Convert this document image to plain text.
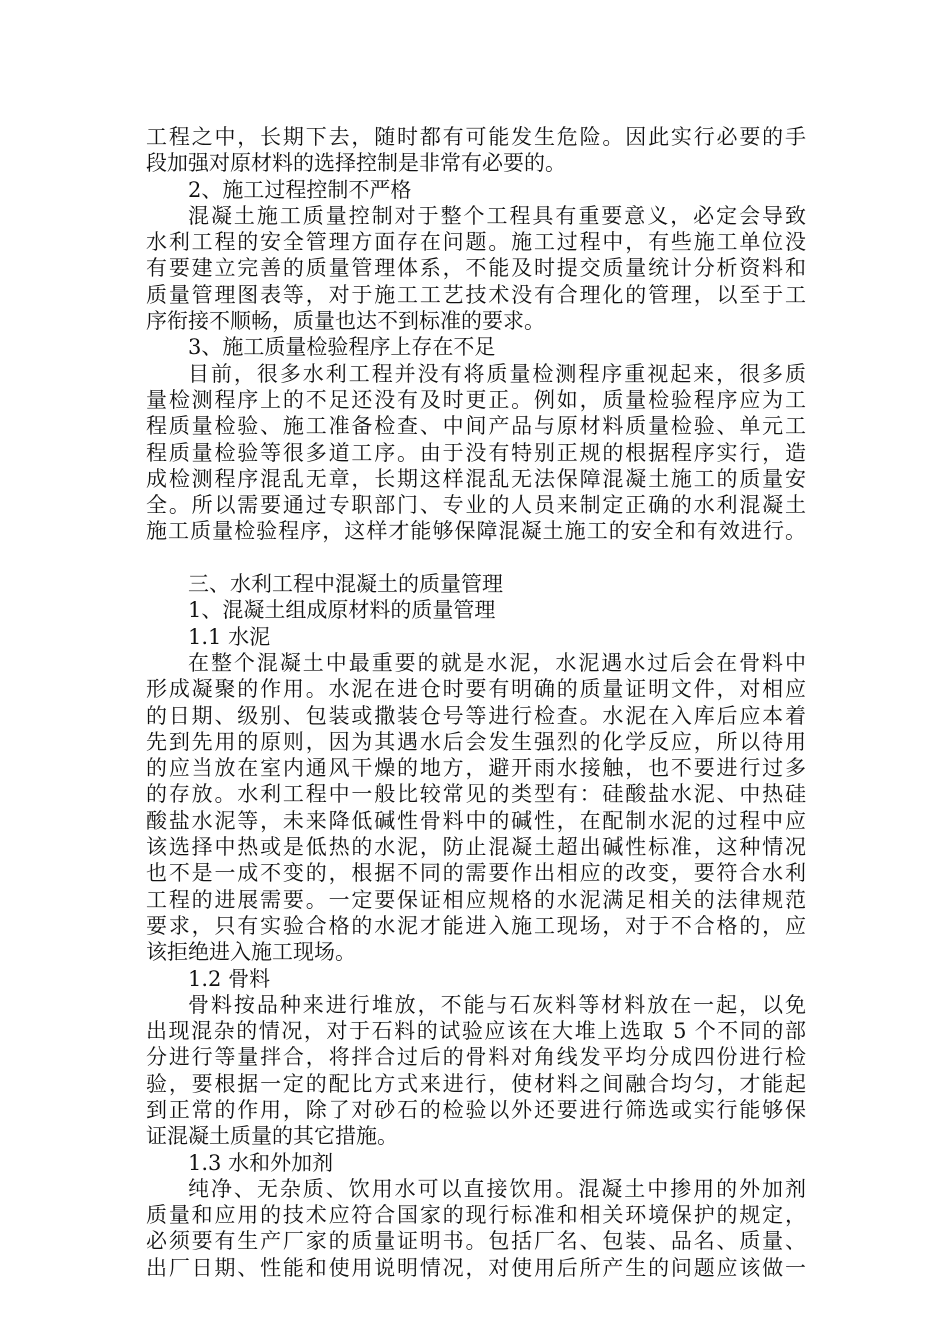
工程之中，长期下去，随时都有可能发生危险。因此实行必要的手
段加强对原材料的选择控制是非常有必要的。
2、施工过程控制不严格
混凝土施工质量控制对于整个工程具有重要意义，必定会导致
水利工程的安全管理方面存在问题。施工过程中，有些施工单位没
有要建立完善的质量管理体系，不能及时提交质量统计分析资料和
质量管理图表等，对于施工工艺技术没有合理化的管理，以至于工
序衔接不顺畅，质量也达不到标准的要求。
3、施工质量检验程序上存在不足
目前，很多水利工程并没有将质量检测程序重视起来，很多质
量检测程序上的不足还没有及时更正。例如，质量检验程序应为工
程质量检验、施工准备检查、中间产品与原材料质量检验、单元工
程质量检验等很多道工序。由于没有特别正规的根据程序实行，造
成检测程序混乱无章，长期这样混乱无法保障混凝土施工的质量安
全。所以需要通过专职部门、专业的人员来制定正确的水利混凝土
施工质量检验程序，这样才能够保障混凝土施工的安全和有效进行。
三、水利工程中混凝土的质量管理
1、混凝土组成原材料的质量管理
1.1 水泥
在整个混凝土中最重要的就是水泥，水泥遇水过后会在骨料中
形成凝聚的作用。水泥在进仓时要有明确的质量证明文件，对相应
的日期、级别、包装或撒装仓号等进行检查。水泥在入库后应本着
先到先用的原则，因为其遇水后会发生强烈的化学反应，所以待用
的应当放在室内通风干燥的地方，避开雨水接触，也不要进行过多
的存放。水利工程中一般比较常见的类型有：硅酸盐水泥、中热硅
酸盐水泥等，未来降低碱性骨料中的碱性，在配制水泥的过程中应
该选择中热或是低热的水泥，防止混凝土超出碱性标准，这种情况
也不是一成不变的，根据不同的需要作出相应的改变，要符合水利
工程的进展需要。一定要保证相应规格的水泥满足相关的法律规范
要求，只有实验合格的水泥才能进入施工现场，对于不合格的，应
该拒绝进入施工现场。
1.2 骨料
骨料按品种来进行堆放，不能与石灰料等材料放在一起，以免
出现混杂的情况，对于石料的试验应该在大堆上选取 5 个不同的部
分进行等量拌合，将拌合过后的骨料对角线发平均分成四份进行检
验，要根据一定的配比方式来进行，使材料之间融合均匀，才能起
到正常的作用，除了对砂石的检验以外还要进行筛选或实行能够保
证混凝土质量的其它措施。
1.3 水和外加剂
纯净、无杂质、饮用水可以直接饮用。混凝土中掺用的外加剂
质量和应用的技术应符合国家的现行标准和相关环境保护的规定，
必须要有生产厂家的质量证明书。包括厂名、包装、品名、质量、
出厂日期、性能和使用说明情况，对使用后所产生的问题应该做一
